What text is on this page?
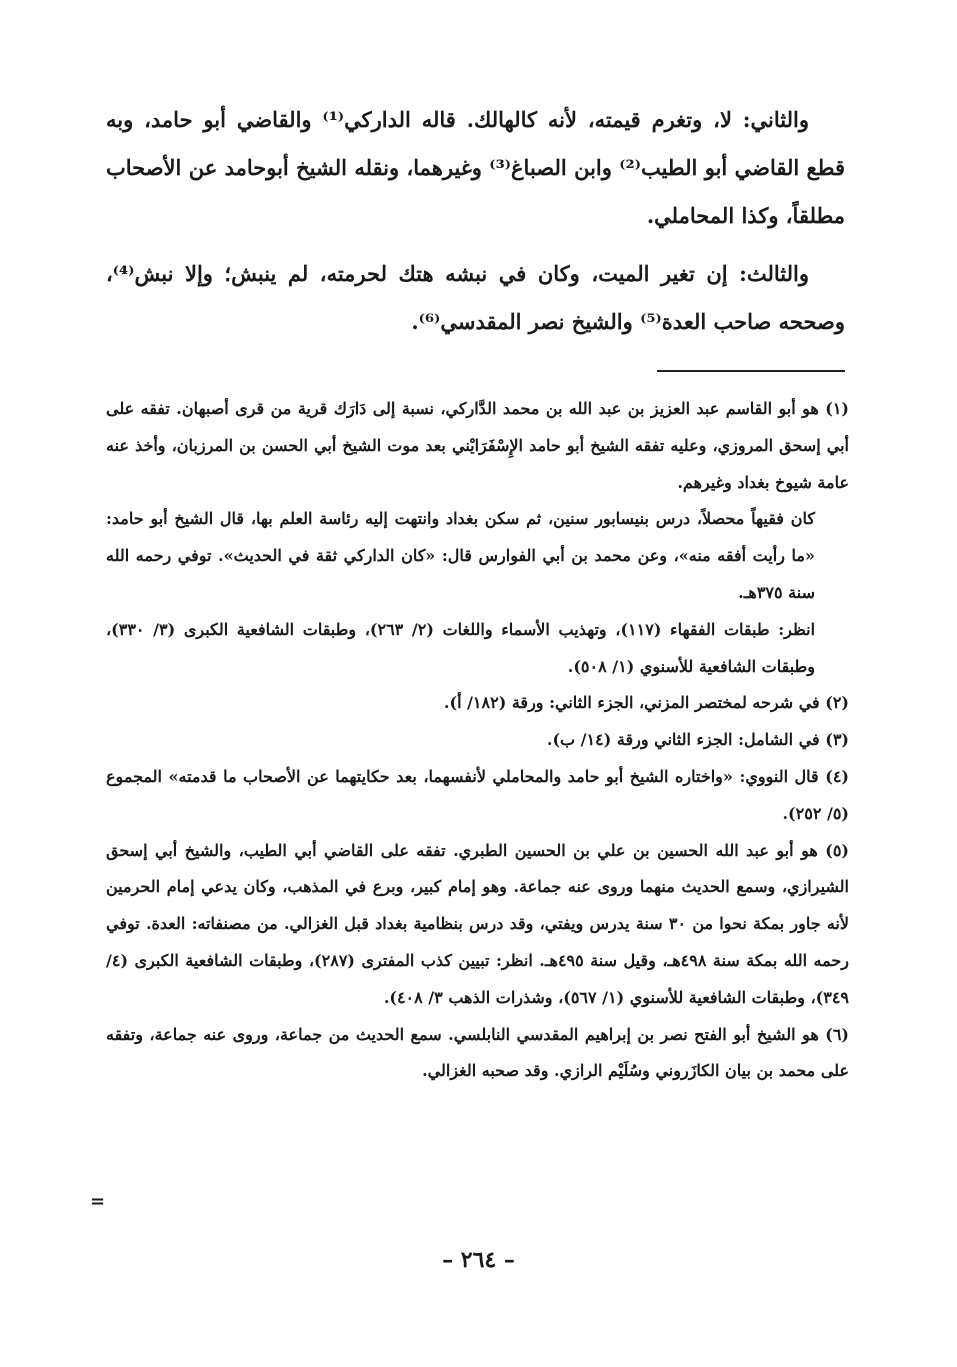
والثاني: لا، وتغرم قيمته، لأنه كالهالك. قاله الداركي⁽¹⁾ والقاضي أبو حامد، وبه قطع القاضي أبو الطيب⁽²⁾ وابن الصباغ⁽³⁾ وغيرهما، ونقله الشيخ أبوحامد عن الأصحاب مطلقاً، وكذا المحاملي.

والثالث: إن تغير الميت، وكان في نبشه هتك لحرمته، لم ينبش؛ وإلا نبش⁽⁴⁾، وصححه صاحب العدة⁽⁵⁾ والشيخ نصر المقدسي⁽⁶⁾.

(١) هو أبو القاسم عبد العزيز بن عبد الله بن محمد الدَّاركي، نسبة إلى دَارَك قرية من قرى أصبهان. تفقه على أبي إسحق المروزي، وعليه تفقه الشيخ أبو حامد الإِسْفَرَايْني بعد موت الشيخ أبي الحسن بن المرزبان، وأخذ عنه عامة شيوخ بغداد وغيرهم.

كان فقيهاً محصلاً، درس بنيسابور سنين، ثم سكن بغداد وانتهت إليه رئاسة العلم بها، قال الشيخ أبو حامد: «ما رأيت أفقه منه»، وعن محمد بن أبي الفوارس قال: «كان الداركي ثقة في الحديث». توفي رحمه الله سنة ٣٧٥هـ.

انظر: طبقات الفقهاء (١١٧)، وتهذيب الأسماء واللغات (٢/ ٢٦٣)، وطبقات الشافعية الكبرى (٣/ ٣٣٠)، وطبقات الشافعية للأسنوي (١/ ٥٠٨).

(٢) في شرحه لمختصر المزني، الجزء الثاني: ورقة (١٨٢/ أ).

(٣) في الشامل: الجزء الثاني ورقة (١٤/ ب).

(٤) قال النووي: «واختاره الشيخ أبو حامد والمحاملي لأنفسهما، بعد حكايتهما عن الأصحاب ما قدمته» المجموع (٥/ ٢٥٢).

(٥) هو أبو عبد الله الحسين بن علي بن الحسين الطبري. تفقه على القاضي أبي الطيب، والشيخ أبي إسحق الشيرازي، وسمع الحديث منهما وروى عنه جماعة. وهو إمام كبير، وبرع في المذهب، وكان يدعي إمام الحرمين لأنه جاور بمكة نحوا من ٣٠ سنة يدرس ويفتي، وقد درس بنظامية بغداد قبل الغزالي. من مصنفاته: العدة. توفي رحمه الله بمكة سنة ٤٩٨هـ، وقيل سنة ٤٩٥هـ. انظر: تبيين كذب المفترى (٢٨٧)، وطبقات الشافعية الكبرى (٤/ ٣٤٩)، وطبقات الشافعية للأسنوي (١/ ٥٦٧)، وشذرات الذهب ٣/ ٤٠٨).

(٦) هو الشيخ أبو الفتح نصر بن إبراهيم المقدسي النابلسي. سمع الحديث من جماعة، وروى عنه جماعة، وتفقه على محمد بن بيان الكازَروني وسُلَيْم الرازي. وقد صحبه الغزالي.

=
– ٢٦٤ –
